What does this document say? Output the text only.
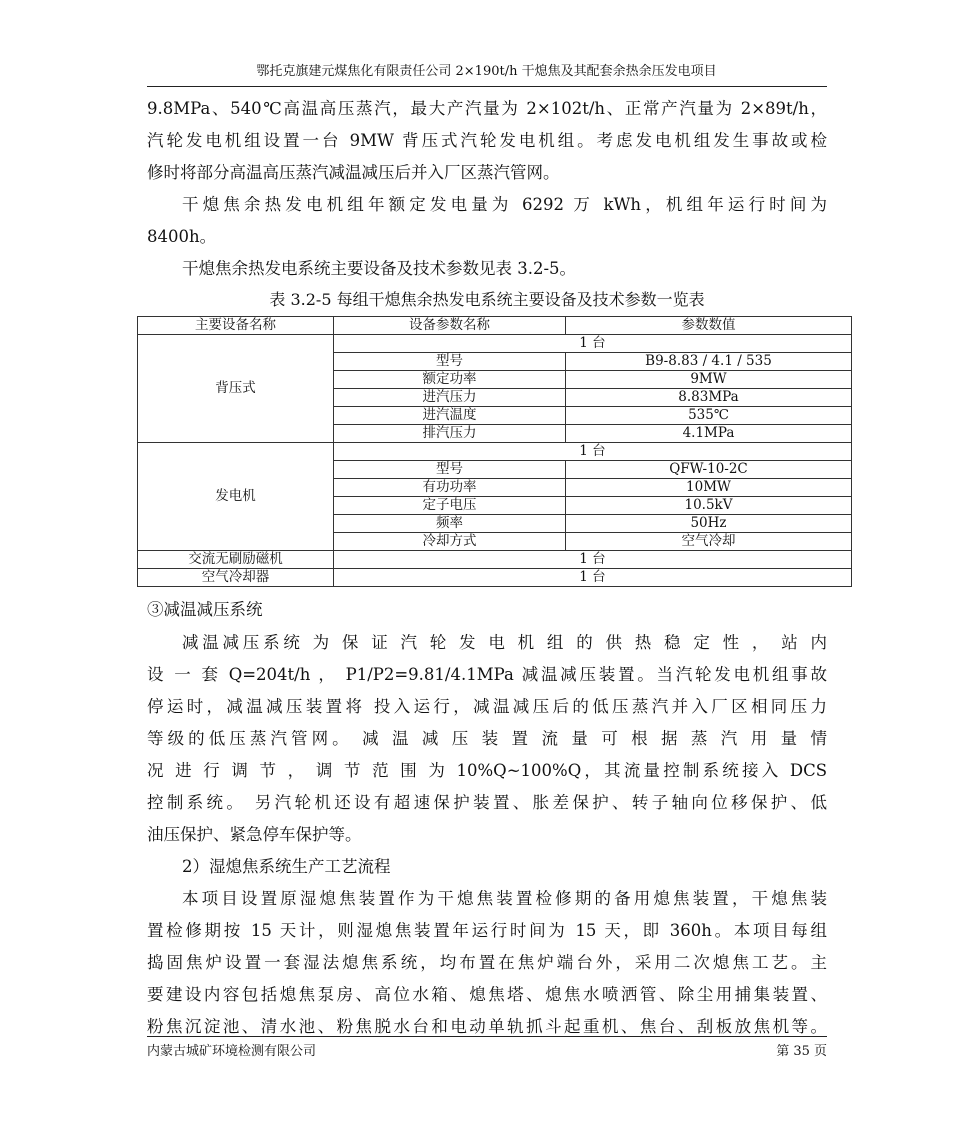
鄂托克旗建元煤焦化有限责任公司 2×190t/h 干熄焦及其配套余热余压发电项目
9.8MPa、540℃高温高压蒸汽，最大产汽量为 2×102t/h、正常产汽量为 2×89t/h，
汽轮发电机组设置一台 9MW 背压式汽轮发电机组。考虑发电机组发生事故或检
修时将部分高温高压蒸汽减温减压后并入厂区蒸汽管网。
干熄焦余热发电机组年额定发电量为 6292 万 kWh，机组年运行时间为
8400h。
干熄焦余热发电系统主要设备及技术参数见表 3.2-5。
表 3.2-5 每组干熄焦余热发电系统主要设备及技术参数一览表
主要设备名称	设备参数名称	参数数值
背压式	1 台	
	型号	B9-8.83 / 4.1 / 535
	额定功率	9MW
	进汽压力	8.83MPa
	进汽温度	535℃
	排汽压力	4.1MPa
发电机	1 台	
	型号	QFW-10-2C
	有功功率	10MW
	定子电压	10.5kV
	频率	50Hz
	冷却方式	空气冷却
交流无刷励磁机	1 台	
空气冷却器	1 台	
③减温减压系统
减温减压系统 为 保 证 汽 轮 发 电 机 组 的 供 热 稳 定 性 ， 站 内
设 一 套 Q=204t/h ， P1/P2=9.81/4.1MPa 减温减压装置。当汽轮发电机组事故
停运时，减温减压装置将 投入运行，减温减压后的低压蒸汽并入厂区相同压力
等级的低压蒸汽管网。 减 温 减 压 装 置 流 量 可 根 据 蒸 汽 用 量 情
况 进 行 调 节 ， 调 节 范 围 为 10%Q~100%Q，其流量控制系统接入 DCS
控制系统。 另汽轮机还设有超速保护装置、胀差保护、转子轴向位移保护、低
油压保护、紧急停车保护等。
2）湿熄焦系统生产工艺流程
本项目设置原湿熄焦装置作为干熄焦装置检修期的备用熄焦装置，干熄焦装
置检修期按 15 天计，则湿熄焦装置年运行时间为 15 天，即 360h。本项目每组
捣固焦炉设置一套湿法熄焦系统，均布置在焦炉端台外，采用二次熄焦工艺。主
要建设内容包括熄焦泵房、高位水箱、熄焦塔、熄焦水喷洒管、除尘用捕集装置、
粉焦沉淀池、清水池、粉焦脱水台和电动单轨抓斗起重机、焦台、刮板放焦机等。
内蒙古城矿环境检测有限公司	第 35 页
